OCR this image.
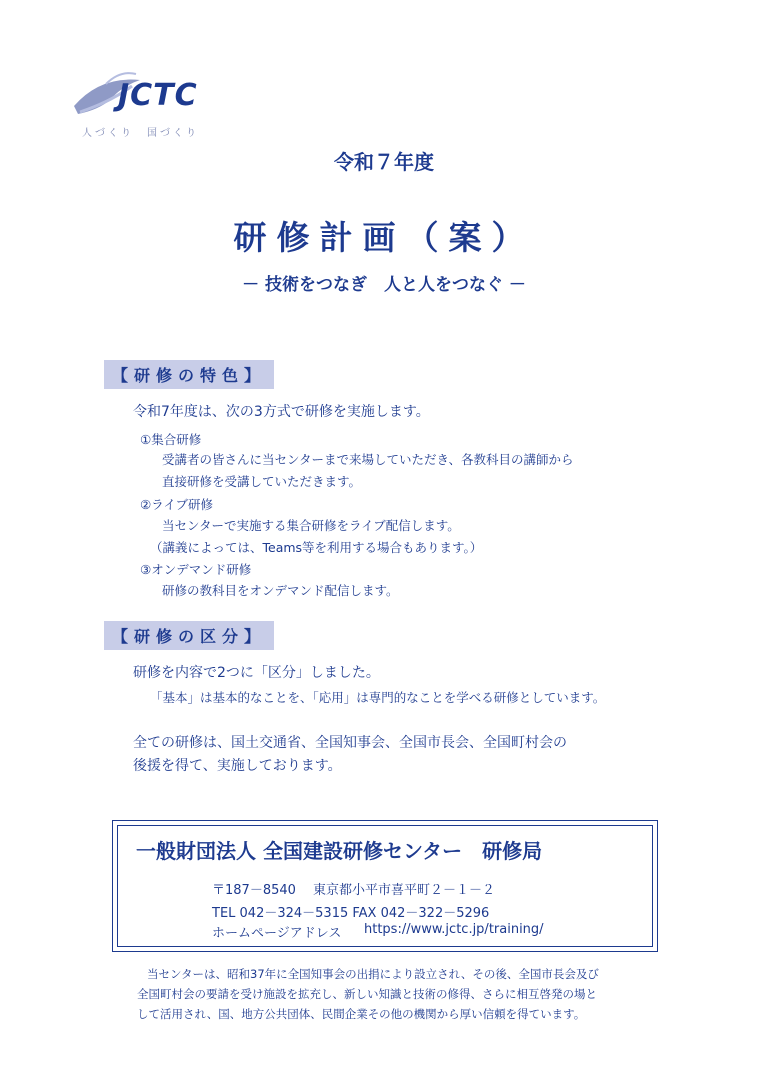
JCTC
人づくり　国づくり
令和７年度
研修計画（案）
－ 技術をつなぎ　人と人をつなぐ －
【研修の特色】
令和7年度は、次の3方式で研修を実施します。
①集合研修
受講者の皆さんに当センターまで来場していただき、各教科目の講師から
直接研修を受講していただきます。
②ライブ研修
当センターで実施する集合研修をライブ配信します。
（講義によっては、Teams等を利用する場合もあります。）
③オンデマンド研修
研修の教科目をオンデマンド配信します。
【研修の区分】
研修を内容で2つに「区分」しました。
「基本」は基本的なことを、「応用」は専門的なことを学べる研修としています。
全ての研修は、国土交通省、全国知事会、全国市長会、全国町村会の
後援を得て、実施しております。
一般財団法人 全国建設研修センター　研修局
〒187－8540　 東京都小平市喜平町２－１－２
TEL 042－324－5315 FAX 042－322－5296
ホームページアドレス https://www.jctc.jp/training/
当センターは、昭和37年に全国知事会の出捐により設立され、その後、全国市長会及び
全国町村会の要請を受け施設を拡充し、新しい知識と技術の修得、さらに相互啓発の場と
して活用され、国、地方公共団体、民間企業その他の機関から厚い信頼を得ています。
